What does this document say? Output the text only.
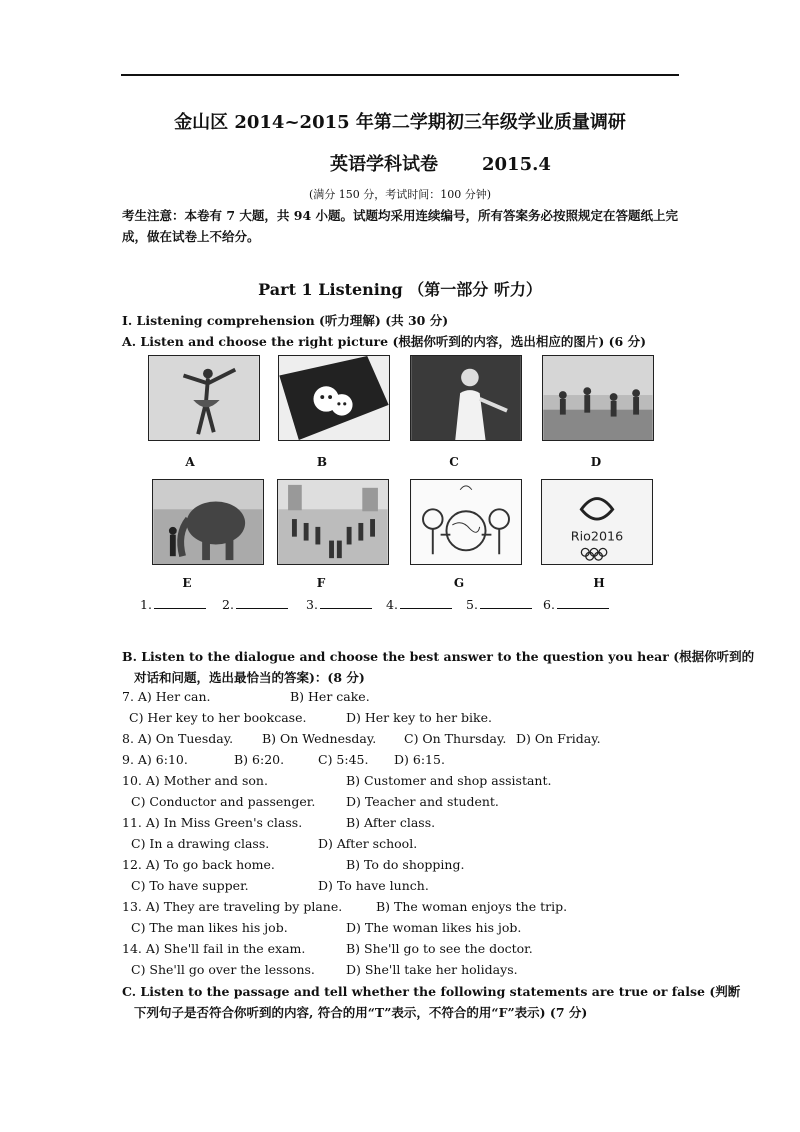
金山区 2014~2015 年第二学期初三年级学业质量调研
英语学科试卷 2015.4
(满分 150 分，考试时间：100 分钟)
考生注意：本卷有 7 大题，共 94 小题。试题均采用连续编号，所有答案务必按照规定在答题纸上完成，做在试卷上不给分。
Part 1 Listening （第一部分 听力）
I. Listening comprehension (听力理解) (共 30 分)
A. Listen and choose the right picture (根据你听到的内容，选出相应的图片) (6 分)
A	B	C	D
Rio2016
E	F	G	H
1.	2.	3.	4.	5.	6.
B. Listen to the dialogue and choose the best answer to the question you hear (根据你听到的
对话和问题，选出最恰当的答案)：(8 分)
7. A) Her can.	B) Her cake.
C) Her key to her bookcase.	D) Her key to her bike.
8. A) On Tuesday. B) On Wednesday. C) On Thursday. D) On Friday.
9. A) 6:10.	B) 6:20.	C) 5:45. D) 6:15.
10. A) Mother and son.	B) Customer and shop assistant.
C) Conductor and passenger. D) Teacher and student.
11. A) In Miss Green's class.	B) After class.
C) In a drawing class.	D) After school.
12. A) To go back home.	B) To do shopping.
C) To have supper.	D) To have lunch.
13. A) They are traveling by plane.	B) The woman enjoys the trip.
C) The man likes his job.	D) The woman likes his job.
14. A) She'll fail in the exam.	B) She'll go to see the doctor.
C) She'll go over the lessons. D) She'll take her holidays.
C. Listen to the passage and tell whether the following statements are true or false (判断
下列句子是否符合你听到的内容, 符合的用“T”表示，不符合的用“F”表示) (7 分)
